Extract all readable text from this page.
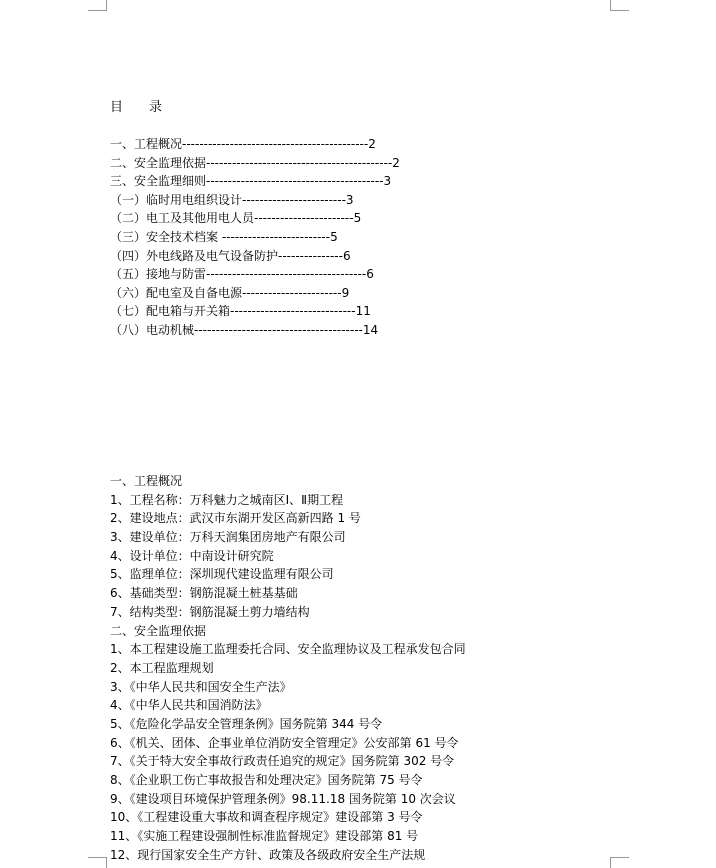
目　　录
一、工程概况-------------------------------------------2
二、安全监理依据-------------------------------------------2
三、安全监理细则-----------------------------------------3
（一）临时用电组织设计------------------------3
（二）电工及其他用电人员-----------------------5
（三）安全技术档案 -------------------------5
（四）外电线路及电气设备防护---------------6
（五）接地与防雷-------------------------------------6
（六）配电室及自备电源-----------------------9
（七）配电箱与开关箱-----------------------------11
（八）电动机械---------------------------------------14
一、工程概况
1、工程名称：万科魅力之城南区Ⅰ、Ⅱ期工程
2、建设地点：武汉市东湖开发区高新四路 1 号
3、建设单位：万科天润集团房地产有限公司
4、设计单位：中南设计研究院
5、监理单位：深圳现代建设监理有限公司
6、基础类型：钢筋混凝土桩基基础
7、结构类型：钢筋混凝土剪力墙结构
二、安全监理依据
1、本工程建设施工监理委托合同、安全监理协议及工程承发包合同
2、本工程监理规划
3、《中华人民共和国安全生产法》
4、《中华人民共和国消防法》
5、《危险化学品安全管理条例》国务院第 344 号令
6、《机关、团体、企事业单位消防安全管理定》公安部第 61 号令
7、《关于特大安全事故行政责任追究的规定》国务院第 302 号令
8、《企业职工伤亡事故报告和处理决定》国务院第 75 号令
9、《建设项目环境保护管理条例》98.11.18 国务院第 10 次会议
10、《工程建设重大事故和调查程序规定》建设部第 3 号令
11、《实施工程建设强制性标准监督规定》建设部第 81 号
12、现行国家安全生产方针、政策及各级政府安全生产法规
